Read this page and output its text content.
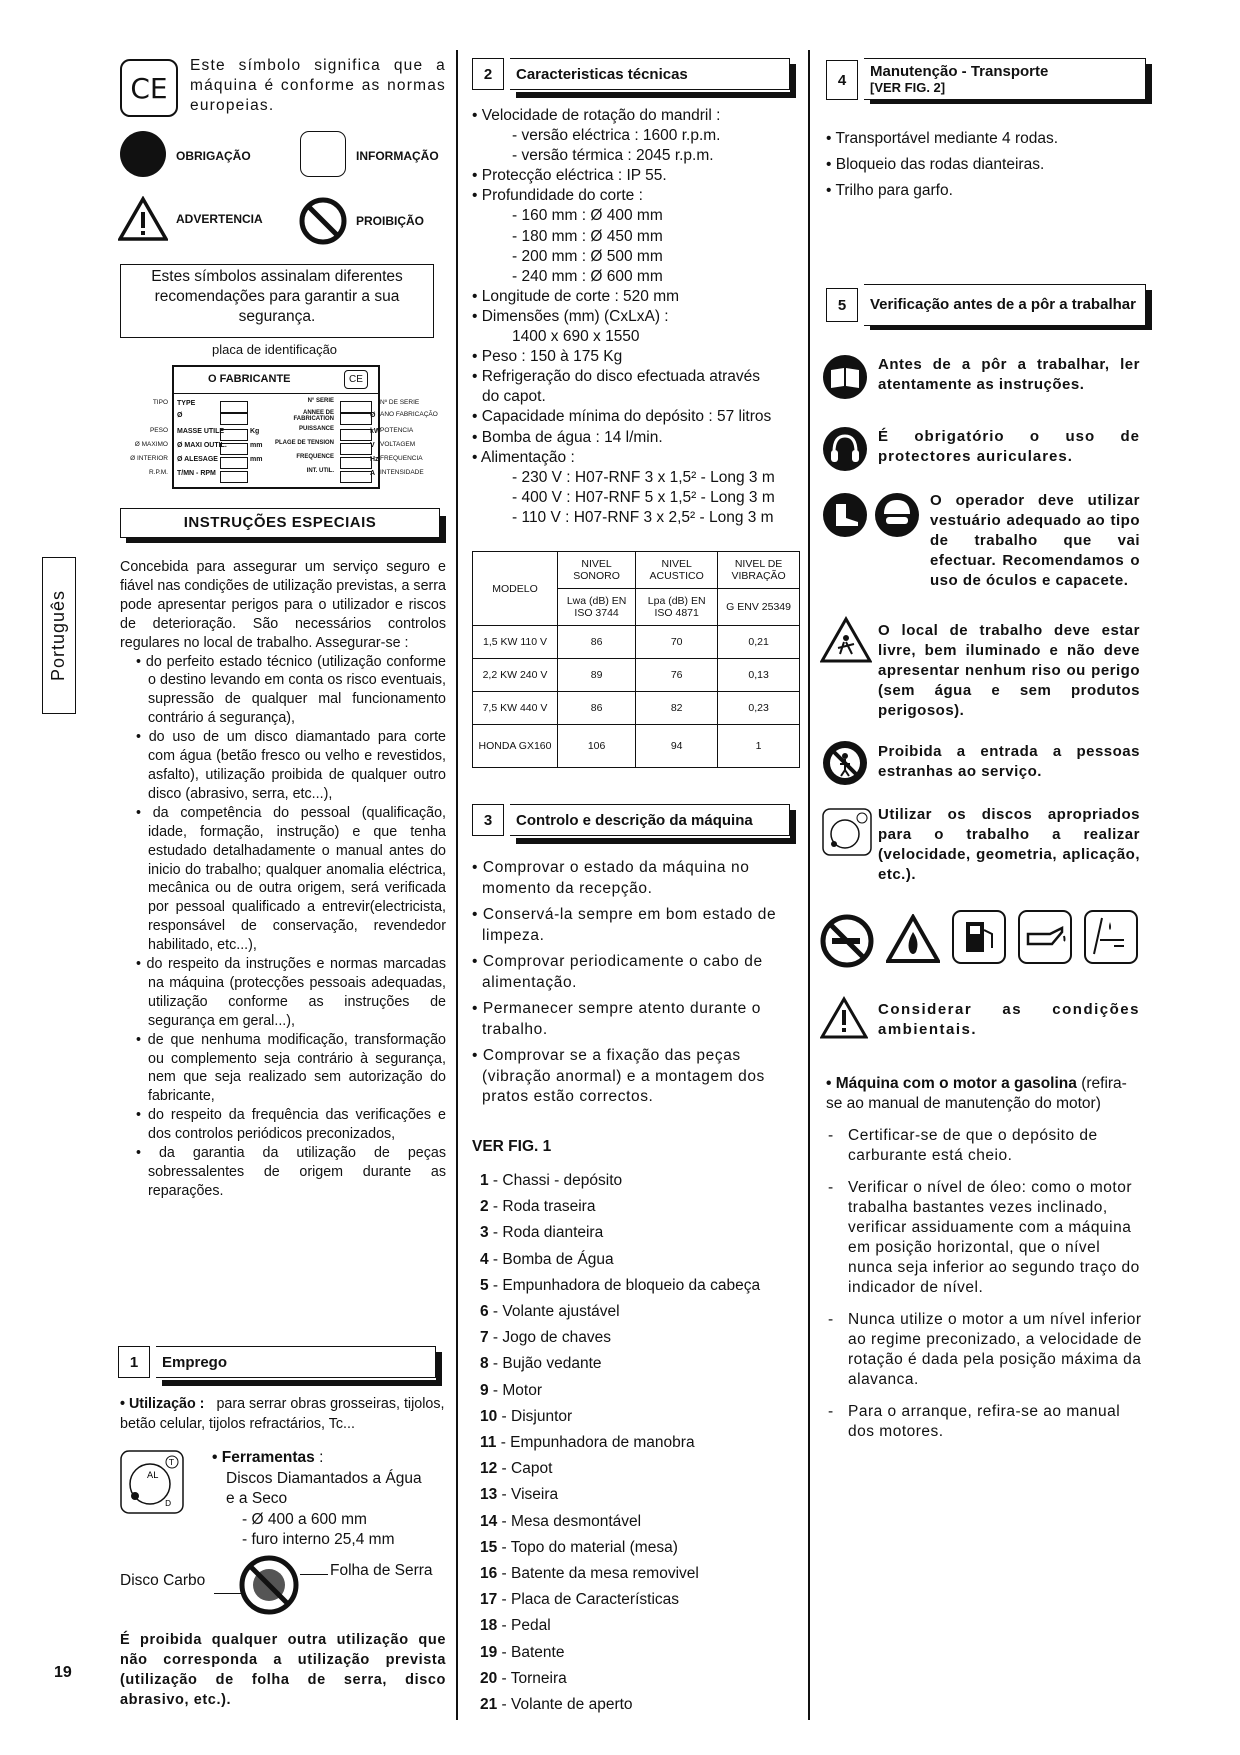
Português
19
CE
Este símbolo significa que a máquina é conforme as normas europeias.
OBRIGAÇÃO	INFORMAÇÃO
ADVERTENCIA	PROIBIÇÃO
Estes símbolos assinalam diferentes recomendações para garantir a sua segurança.
placa de identificação
O FABRICANTE	CE
TYPE	N° SERIE
Ø	ANNEE DE FABRICATION
MASSE UTILE	PUISSANCE
Ø MAXI OUTIL.	PLAGE DE TENSION
Ø ALESAGE	FREQUENCE
T/MN - RPM	INT. UTIL.
Kg
mm
mm
Ø
kW
V
Hz
A
TIPO
PESO
Ø MAXIMO
Ø INTERIOR
R.P.M.
Nº DE SERIE
ANO FABRICAÇÃO
POTENCIA
VOLTAGEM
FREQUENCIA
INTENSIDADE
INSTRUÇÕES ESPECIAIS

Concebida para assegurar um serviço seguro e fiável nas condições de utilização previstas, a serra pode apresentar perigos para o utilizador e riscos de deterioração. São necessários controlos regulares no local de trabalho. Assegurar-se :

• do perfeito estado técnico (utilização conforme o destino levando em conta os risco eventuais, supressão de qualquer mal funcionamento contrário á segurança),

• do uso de um disco diamantado para corte com água (betão fresco ou velho e revestidos, asfalto), utilização proibida de qualquer outro disco (abrasivo, serra, etc...),

• da competência do pessoal (qualificação, idade, formação, instrução) e que tenha estudado detalhadamente o manual antes do inicio do trabalho; qualquer anomalia eléctrica, mecânica ou de outra origem, será verificada por pessoal qualificado a entrevir(electricista, responsável de conservação, revendedor habilitado, etc...),

• do respeito da instruções e normas marcadas na máquina (protecções pessoais adequadas, utilização conforme as instruções de segurança em geral...),

• de que nenhuma modificação, transformação ou complemento seja contrário à segurança, nem que seja realizado sem autorização do fabricante,

• do respeito da frequência das verificações e dos controlos periódicos preconizados,

• da garantia da utilização de peças sobressalentes de origem durante as reparações.

1	Emprego
• Utilização : para serrar obras grosseiras, tijolos, betão celular, tijolos refractários, Tc...
AL
T
D
• Ferramentas :
Discos Diamantados a Água
e a Seco
- Ø 400 a 600 mm
- furo interno 25,4 mm
Disco Carbo
Folha de Serra
É proibida qualquer outra utilização que não corresponda a utilização prevista (utilização de folha de serra, disco abrasivo, etc.).
2	Caracteristicas técnicas
• Velocidade de rotação do mandril :
- versão eléctrica : 1600 r.p.m.
- versão térmica : 2045 r.p.m.
• Protecção eléctrica : IP 55.
• Profundidade do corte :
- 160 mm : Ø 400 mm
- 180 mm : Ø 450 mm
- 200 mm : Ø 500 mm
- 240 mm : Ø 600 mm
• Longitude de corte : 520 mm
• Dimensões (mm) (CxLxA) :
1400 x 690 x 1550
• Peso : 150 à 175 Kg
• Refrigeração do disco efectuada através
do capot.
• Capacidade mínima do depósito : 57 litros
• Bomba de água : 14 l/min.
• Alimentação :
- 230 V : H07-RNF 3 x 1,5² - Long 3 m
- 400 V : H07-RNF 5 x 1,5² - Long 3 m
- 110 V : H07-RNF 3 x 2,5² - Long 3 m
MODELO	NIVEL SONORO	NIVEL ACUSTICO	NIVEL DE VIBRAÇÃO
	Lwa (dB) EN ISO 3744	Lpa (dB) EN ISO 4871	G ENV 25349
1,5 KW 110 V	86	70	0,21
2,2 KW 240 V	89	76	0,13
7,5 KW 440 V	86	82	0,23
HONDA GX160	106	94	1
3	Controlo e descrição da máquina
• Comprovar o estado da máquina no momento da recepção.
• Conservá-la sempre em bom estado de limpeza.
• Comprovar periodicamente o cabo de alimentação.
• Permanecer sempre atento durante o trabalho.
• Comprovar se a fixação das peças (vibração anormal) e a montagem dos pratos estão correctos.
VER FIG. 1
1 - Chassi - depósito
2 - Roda traseira
3 - Roda dianteira
4 - Bomba de Água
5 - Empunhadora de bloqueio da cabeça
6 - Volante ajustável
7 - Jogo de chaves
8 - Bujão vedante
9 - Motor
10 - Disjuntor
11 - Empunhadora de manobra
12 - Capot
13 - Viseira
14 - Mesa desmontável
15 - Topo do material (mesa)
16 - Batente da mesa removivel
17 - Placa de Características
18 - Pedal
19 - Batente
20 - Torneira
21 - Volante de aperto
4	Manutenção - Transporte
[VER FIG. 2]
• Transportável mediante 4 rodas.
• Bloqueio das rodas dianteiras.
• Trilho para garfo.
5	Verificação antes de a pôr a trabalhar
Antes de a pôr a trabalhar, ler atentamente as instruções.
É obrigatório o uso de protectores auriculares.
O operador deve utilizar vestuário adequado ao tipo de trabalho que vai efectuar. Recomendamos o uso de óculos e capacete.
O local de trabalho deve estar livre, bem iluminado e não deve apresentar nenhum riso ou perigo (sem água e sem produtos perigosos).
Proibida a entrada a pessoas estranhas ao serviço.
Utilizar os discos apropriados para o trabalho a realizar (velocidade, geometria, aplicação, etc.).
Considerar as condições ambientais.
• Máquina com o motor a gasolina (refira-se ao manual de manutenção do motor)
- Certificar-se de que o depósito de carburante está cheio.
- Verificar o nível de óleo: como o motor trabalha bastantes vezes inclinado, verificar assiduamente com a máquina em posição horizontal, que o nível nunca seja inferior ao segundo traço do indicador de nível.
- Nunca utilize o motor a um nível inferior ao regime preconizado, a velocidade de rotação é dada pela posição máxima da alavanca.
- Para o arranque, refira-se ao manual dos motores.
